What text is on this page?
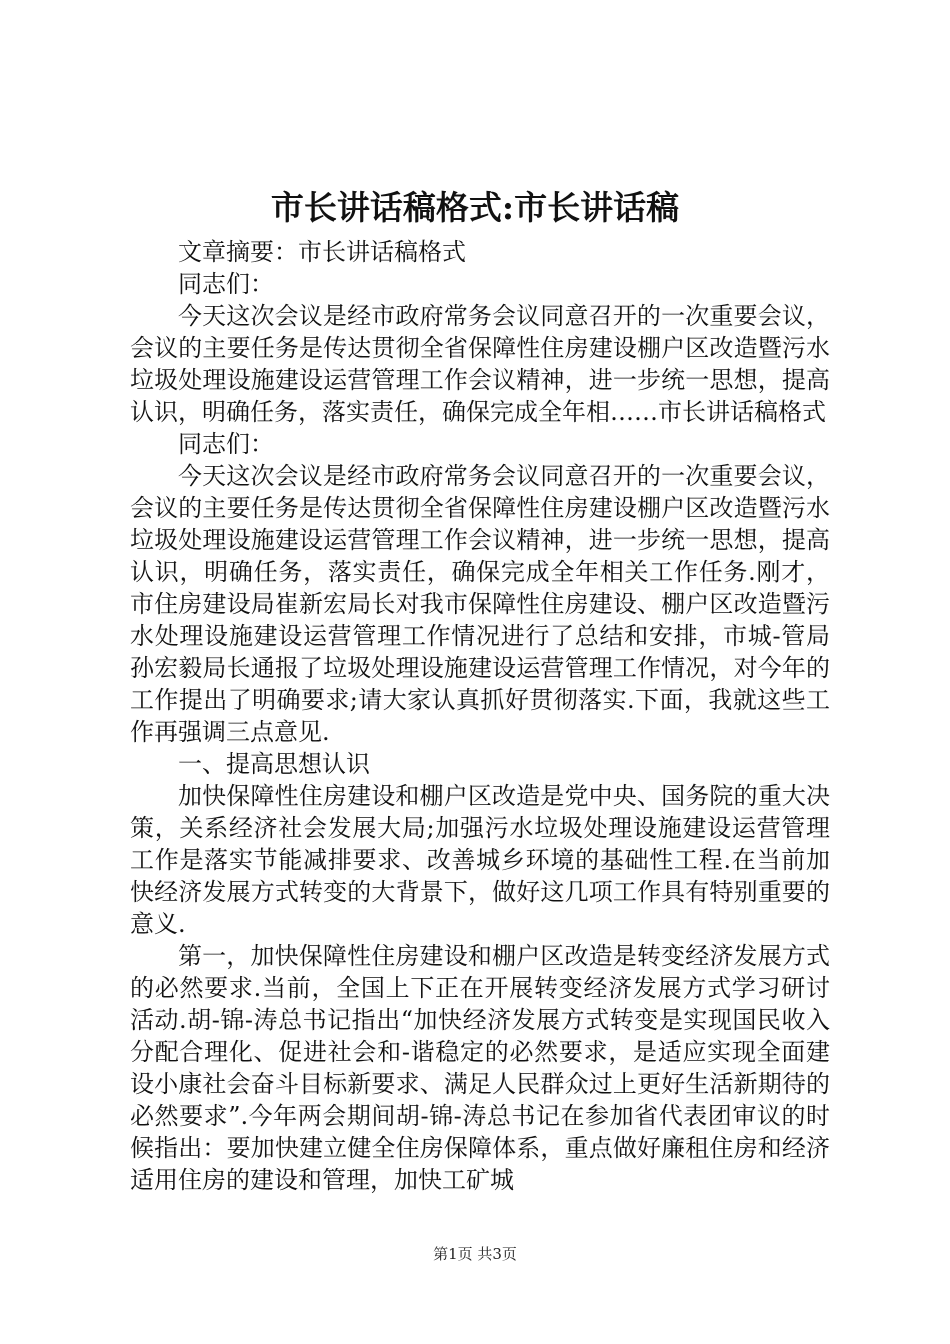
市长讲话稿格式:市长讲话稿

文章摘要：市长讲话稿格式

同志们：

今天这次会议是经市政府常务会议同意召开的一次重要会议，会议的主要任务是传达贯彻全省保障性住房建设棚户区改造暨污水垃圾处理设施建设运营管理工作会议精神，进一步统一思想，提高认识，明确任务，落实责任，确保完成全年相……市长讲话稿格式

同志们：

今天这次会议是经市政府常务会议同意召开的一次重要会议，会议的主要任务是传达贯彻全省保障性住房建设棚户区改造暨污水垃圾处理设施建设运营管理工作会议精神，进一步统一思想，提高认识，明确任务，落实责任，确保完成全年相关工作任务.刚才，市住房建设局崔新宏局长对我市保障性住房建设、棚户区改造暨污水处理设施建设运营管理工作情况进行了总结和安排，市城-管局孙宏毅局长通报了垃圾处理设施建设运营管理工作情况，对今年的工作提出了明确要求;请大家认真抓好贯彻落实.下面，我就这些工作再强调三点意见.

一、提高思想认识

加快保障性住房建设和棚户区改造是党中央、国务院的重大决策，关系经济社会发展大局;加强污水垃圾处理设施建设运营管理工作是落实节能减排要求、改善城乡环境的基础性工程.在当前加快经济发展方式转变的大背景下，做好这几项工作具有特别重要的意义.

第一，加快保障性住房建设和棚户区改造是转变经济发展方式的必然要求.当前，全国上下正在开展转变经济发展方式学习研讨活动.胡-锦-涛总书记指出“加快经济发展方式转变是实现国民收入分配合理化、促进社会和-谐稳定的必然要求，是适应实现全面建设小康社会奋斗目标新要求、满足人民群众过上更好生活新期待的必然要求”.今年两会期间胡-锦-涛总书记在参加省代表团审议的时候指出：要加快建立健全住房保障体系，重点做好廉租住房和经济适用住房的建设和管理，加快工矿城

第1页 共3页
